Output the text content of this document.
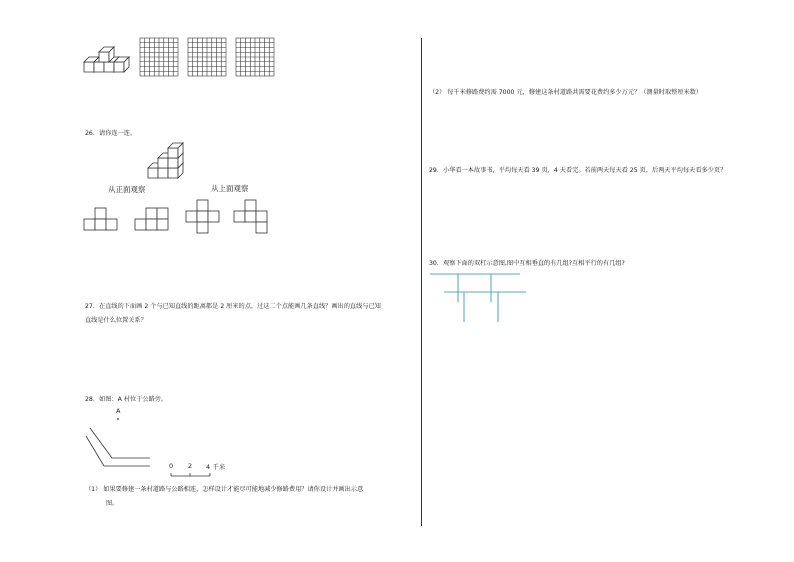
26．请你连一连。
从正面观察	从上面观察
27．在直线的下面画 2 个与已知直线的距离都是 2 厘米的点，过这二个点能画几条直线？画出的直线与已知
直线是什么位置关系？
28．如图：A 村位于公路旁。
A
0 2 4 千米
（1） 如果要修建一条村道路与公路相连，怎样设计才能尽可能地减少修路费用？请你设计并画出示意
图。
（2） 每千米修路费约需 7000 元，修建这条村道路共需要花费约多少万元？（测量时取整厘米数）
29．小华看一本故事书，平均每天看 39 页，4 天看完。若前两天每天看 25 页，后两天平均每天看多少页？
30．观察下面的双杠示意图,图中互相垂直的有几组?互相平行的有几组?
